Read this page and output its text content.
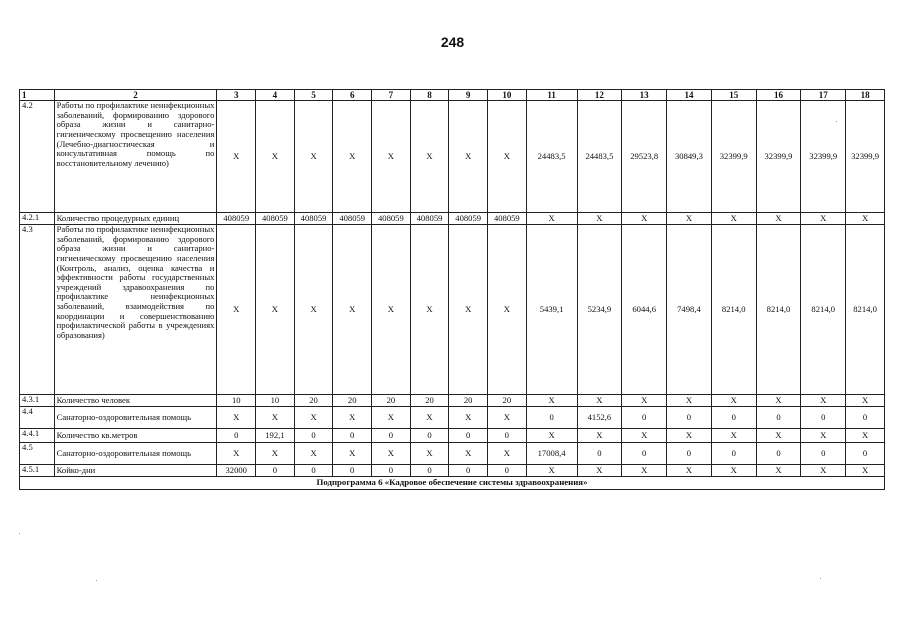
248
1	2	3	4	5	6	7	8	9	10	11	12	13	14	15	16	17	18
4.2	Работы по профилактике неинфекционных заболеваний, формированию здорового образа жизни и санитарно-гигиеническому просвещению населения (Лечебно-диагностическая и консультативная помощь по восстановительному лечению)	X	X	X	X	X	X	X	X	24483,5	24483,5	29523,8	30849,3	32399,9	32399,9	32399,9	32399,9
4.2.1	Количество процедурных единиц	408059	408059	408059	408059	408059	408059	408059	408059	X	X	X	X	X	X	X	X
4.3	Работы по профилактике неинфекционных заболеваний, формированию здорового образа жизни и санитарно-гигиеническому просвещению населения (Контроль, анализ, оценка качества и эффективности работы государственных учреждений здравоохранения по профилактике неинфекционных заболеваний, взаимодействия по координации и совершенствованию профилактической работы в учреждениях образования)	X	X	X	X	X	X	X	X	5439,1	5234,9	6044,6	7498,4	8214,0	8214,0	8214,0	8214,0
4.3.1	Количество человек	10	10	20	20	20	20	20	20	X	X	X	X	X	X	X	X
4.4	Санаторно-оздоровительная помощь	X	X	X	X	X	X	X	X	0	4152,6	0	0	0	0	0	0
4.4.1	Количество кв.метров	0	192,1	0	0	0	0	0	0	X	X	X	X	X	X	X	X
4.5	Санаторно-оздоровительная помощь	X	X	X	X	X	X	X	X	17008,4	0	0	0	0	0	0	0
4.5.1	Койко-дни	32000	0	0	0	0	0	0	0	X	X	X	X	X	X	X	X
Подпрограмма 6 «Кадровое обеспечение системы здравоохранения»																	
